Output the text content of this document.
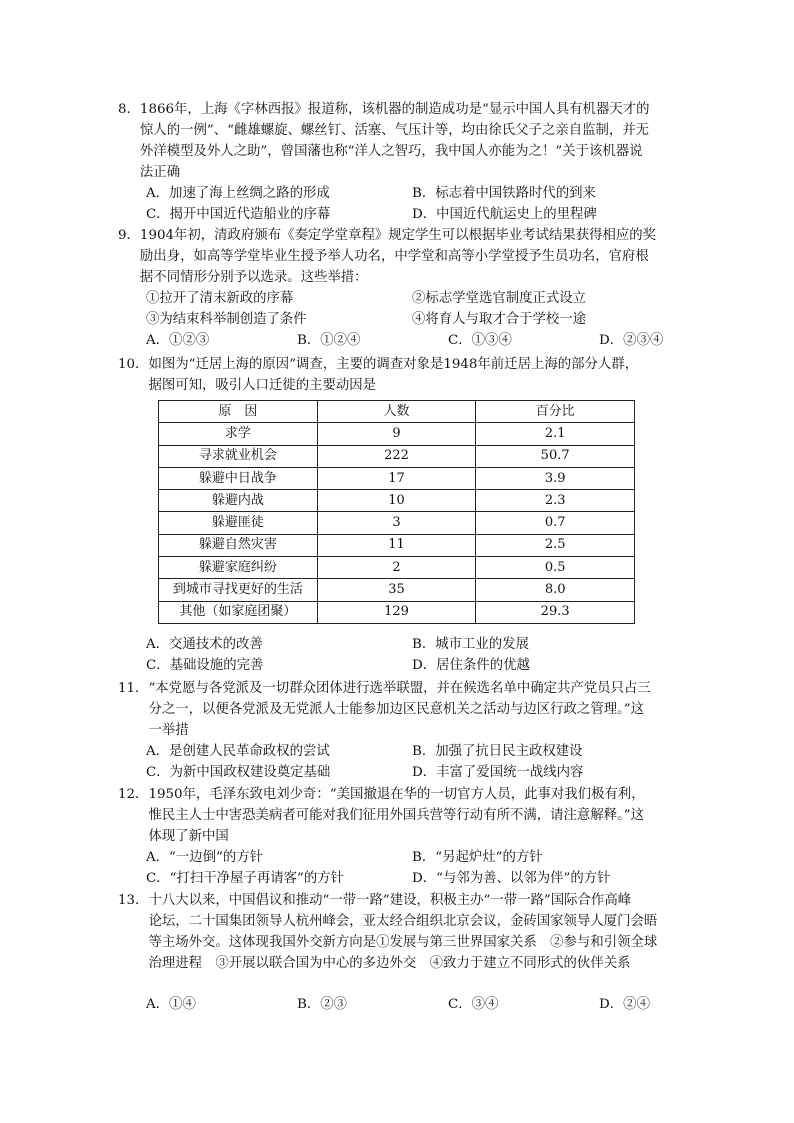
8． 1866年，上海《字林西报》报道称，该机器的制造成功是“显示中国人具有机器天才的
惊人的一例”、“雌雄螺旋、螺丝钉、活塞、气压计等，均由徐氏父子之亲自监制，并无
外洋模型及外人之助”，曾国藩也称“洋人之智巧，我中国人亦能为之！”关于该机器说
法正确
A．加速了海上丝绸之路的形成	B．标志着中国铁路时代的到来
C．揭开中国近代造船业的序幕	D．中国近代航运史上的里程碑
9． 1904年初，清政府颁布《奏定学堂章程》规定学生可以根据毕业考试结果获得相应的奖
励出身，如高等学堂毕业生授予举人功名，中学堂和高等小学堂授予生员功名，官府根
据不同情形分别予以选录。这些举措：
①拉开了清末新政的序幕	②标志学堂选官制度正式设立
③为结束科举制创造了条件	④将育人与取才合于学校一途
A．①②③	B．①②④	C．①③④	D．②③④
10． 如图为“迁居上海的原因”调查，主要的调查对象是1948年前迁居上海的部分人群，
据图可知，吸引人口迁徙的主要动因是
原　因	人数	百分比
求学	9	2.1
寻求就业机会	222	50.7
躲避中日战争	17	3.9
躲避内战	10	2.3
躲避匪徒	3	0.7
躲避自然灾害	11	2.5
躲避家庭纠纷	2	0.5
到城市寻找更好的生活	35	8.0
其他（如家庭团聚）	129	29.3
A．交通技术的改善	B．城市工业的发展
C．基础设施的完善	D．居住条件的优越
11． “本党愿与各党派及一切群众团体进行选举联盟，并在候选名单中确定共产党员只占三
分之一，以便各党派及无党派人士能参加边区民意机关之活动与边区行政之管理。”这
一举措
A．是创建人民革命政权的尝试	B．加强了抗日民主政权建设
C．为新中国政权建设奠定基础	D．丰富了爱国统一战线内容
12． 1950年，毛泽东致电刘少奇：“美国撤退在华的一切官方人员，此事对我们极有利，
惟民主人士中害恐美病者可能对我们征用外国兵营等行动有所不满，请注意解释。”这
体现了新中国
A．“一边倒”的方针	B．“另起炉灶”的方针
C．“打扫干净屋子再请客”的方针	D．“与邻为善、以邻为伴”的方针
13． 十八大以来，中国倡议和推动“一带一路”建设，积极主办“一带一路”国际合作高峰
论坛，二十国集团领导人杭州峰会，亚太经合组织北京会议，金砖国家领导人厦门会晤
等主场外交。这体现我国外交新方向是①发展与第三世界国家关系　②参与和引领全球
治理进程　③开展以联合国为中心的多边外交　④致力于建立不同形式的伙伴关系
A．①④	B．②③	C．③④	D．②④
